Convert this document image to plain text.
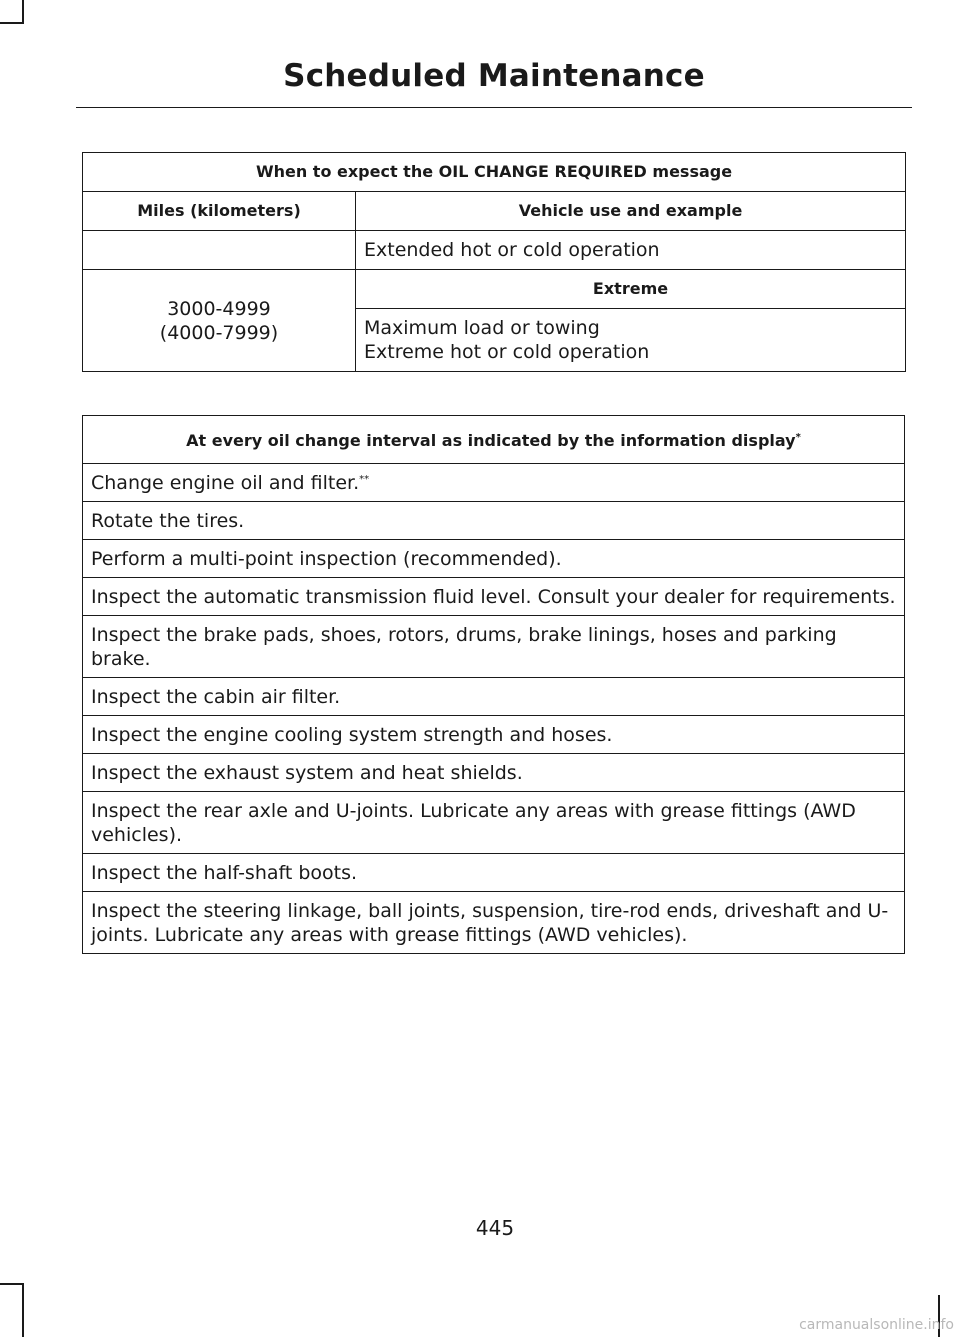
Scheduled Maintenance
When to expect the OIL CHANGE REQUIRED message	
Miles (kilometers)	Vehicle use and example
	Extended hot or cold operation

3000-4999
(4000-7999)	Extreme

	Maximum load or towing
Extreme hot or cold operation
At every oil change interval as indicated by the information display*
Change engine oil and filter.**
Rotate the tires.
Perform a multi-point inspection (recommended).
Inspect the automatic transmission fluid level. Consult your dealer for requirements.
Inspect the brake pads, shoes, rotors, drums, brake linings, hoses and parking brake.
Inspect the cabin air filter.
Inspect the engine cooling system strength and hoses.
Inspect the exhaust system and heat shields.
Inspect the rear axle and U-joints. Lubricate any areas with grease fittings (AWD vehicles).
Inspect the half-shaft boots.
Inspect the steering linkage, ball joints, suspension, tire-rod ends, driveshaft and U-joints. Lubricate any areas with grease fittings (AWD vehicles).
445
carmanualsonline.info
